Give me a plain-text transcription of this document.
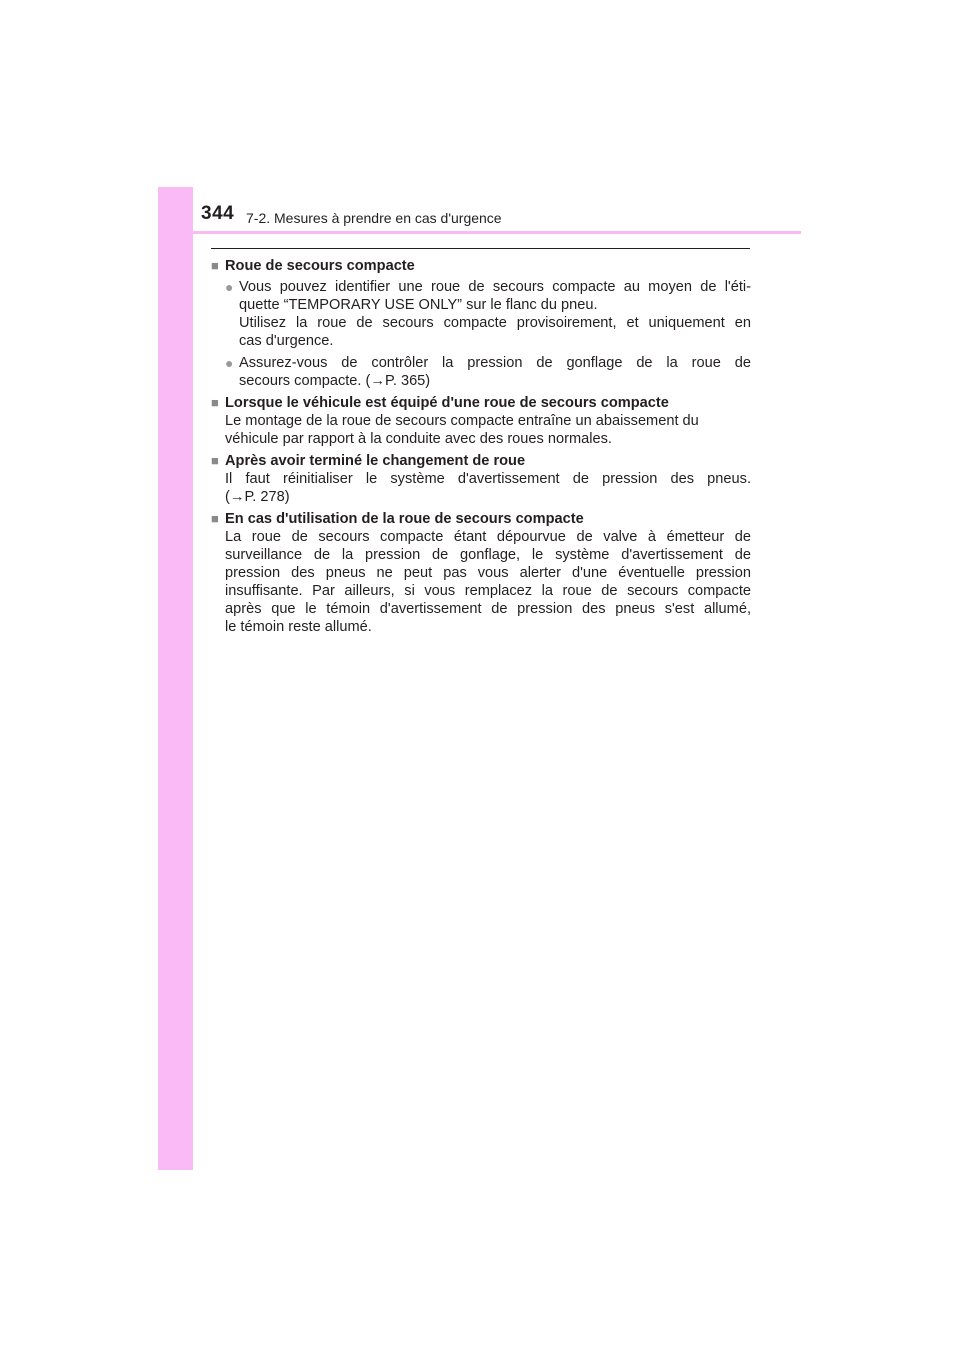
344 7-2. Mesures à prendre en cas d'urgence
■ Roue de secours compacte
● Vous pouvez identifier une roue de secours compacte au moyen de l'éti-
quette “TEMPORARY USE ONLY” sur le flanc du pneu.
Utilisez la roue de secours compacte provisoirement, et uniquement en
cas d'urgence.
● Assurez-vous de contrôler la pression de gonflage de la roue de
secours compacte. (→P. 365)
■ Lorsque le véhicule est équipé d'une roue de secours compacte
Le montage de la roue de secours compacte entraîne un abaissement du
véhicule par rapport à la conduite avec des roues normales.
■ Après avoir terminé le changement de roue
Il faut réinitialiser le système d'avertissement de pression des pneus.
(→P. 278)
■ En cas d'utilisation de la roue de secours compacte
La roue de secours compacte étant dépourvue de valve à émetteur de
surveillance de la pression de gonflage, le système d'avertissement de
pression des pneus ne peut pas vous alerter d'une éventuelle pression
insuffisante. Par ailleurs, si vous remplacez la roue de secours compacte
après que le témoin d'avertissement de pression des pneus s'est allumé,
le témoin reste allumé.
